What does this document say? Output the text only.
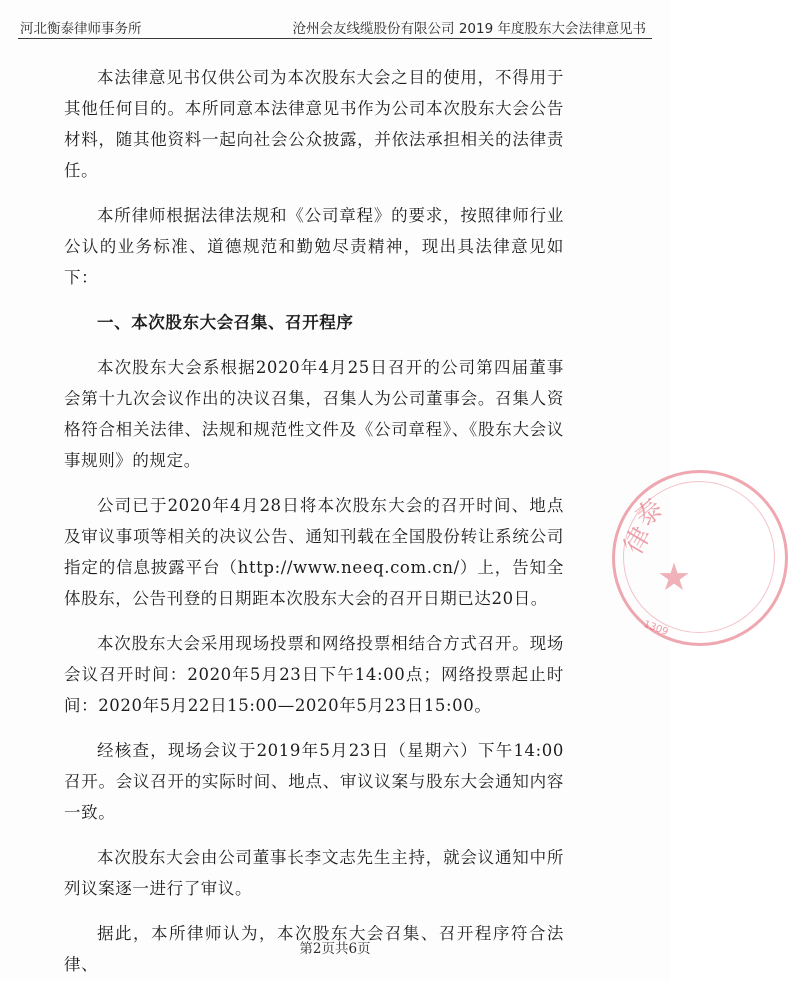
河北衡泰律师事务所	沧州会友线缆股份有限公司 2019 年度股东大会法律意见书

本法律意见书仅供公司为本次股东大会之目的使用，不得用于其他任何目的。本所同意本法律意见书作为公司本次股东大会公告材料，随其他资料一起向社会公众披露，并依法承担相关的法律责任。

本所律师根据法律法规和《公司章程》的要求，按照律师行业公认的业务标准、道德规范和勤勉尽责精神，现出具法律意见如下：

一、本次股东大会召集、召开程序

本次股东大会系根据2020年4月25日召开的公司第四届董事会第十九次会议作出的决议召集，召集人为公司董事会。召集人资格符合相关法律、法规和规范性文件及《公司章程》、《股东大会议事规则》的规定。

公司已于2020年4月28日将本次股东大会的召开时间、地点及审议事项等相关的决议公告、通知刊载在全国股份转让系统公司指定的信息披露平台（http://www.neeq.com.cn/）上，告知全体股东，公告刊登的日期距本次股东大会的召开日期已达20日。

本次股东大会采用现场投票和网络投票相结合方式召开。现场会议召开时间：2020年5月23日下午14:00点；网络投票起止时间：2020年5月22日15:00—2020年5月23日15:00。

经核查，现场会议于2019年5月23日（星期六）下午14:00 召开。会议召开的实际时间、地点、审议议案与股东大会通知内容一致。

本次股东大会由公司董事长李文志先生主持，就会议通知中所列议案逐一进行了审议。

据此，本所律师认为，本次股东大会召集、召开程序符合法律、

泰
律
★
1309
第2页共6页
